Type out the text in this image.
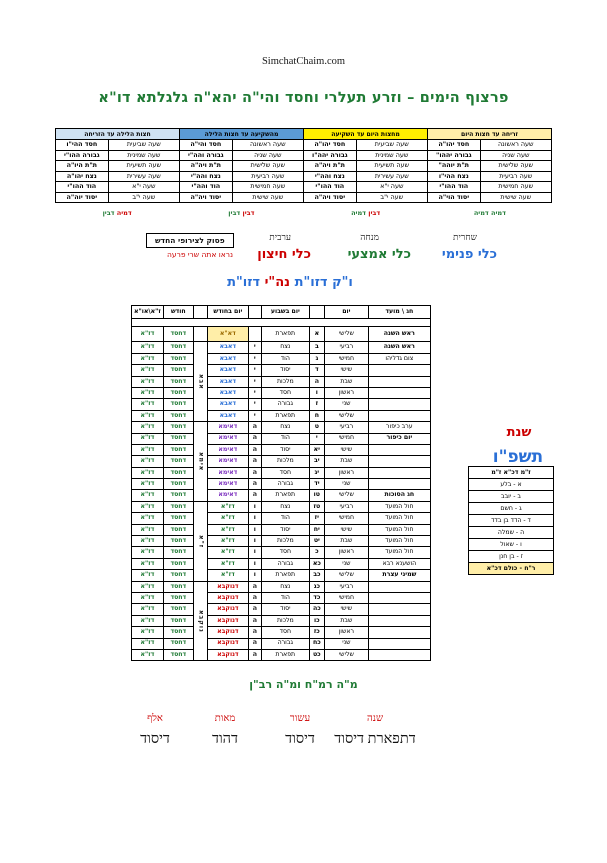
SimchatChaim.com
פרצוף הימים – וזרע תעלרי וחסד והי"ה יהא"ה גלגלתא דו"א
זריחה עד חצות היום		מחצות היום עד השקיעה		מהשקיעה עד חצות הלילה		חצות הלילה עד הזריחה	
שעה ראשונה	חסד יהו"ה	שעה שביעית	חסד יהו"ה	שעה ראשונה	חסד והי"ה	שעה שביעית	חסד ההי"ו
שעה שניה	גבורה יההו"	שעה שמינית	גבורה יהה"ו	שעה שניה	גבורה והה"י	שעה שמינית	גבורה ההו"י
שעה שלישית	ת"ת יוהה"	שעה תשיעית	ת"ת ויה"ה	שעה שלישית	ת"ת ויה"ה	שעה תשיעית	ת"ת היו"ה
שעה רביעית	נצח ההי"ו	שעה עשירית	נצח והה"י	שעה רביעית	נצח והה"י	שעה עשירית	נצח יהו"ה
שעה חמישית	הוד ההו"י	שעה י"א	הוד ההו"י	שעה חמישית	הוד והה"י	שעה י"א	הוד ההו"י
שעה שישית	יסוד הוי"ה	שעה י"ב	יסוד ויה"ה	שעה שישית	יסוד ויה"ה	שעה י"ב	יסוד יוה"ה
דמיה דמיה
דבין דמיה
דבין דבין
דמיה דבין
שחרית
מנחה
ערבית
כלי פנימי
כלי אמצעי
כלי חיצון
פסוק לצירופי החדש
נראו אתה שרי פרעה
ו"ק דזו"ת נה"י דזו"ת
חג \ מועד	יום		יום בשבוע		יום בחודש		חודש	ז"א\או"א

ראש השנה	שלישי	א	תפארת		דא"א		דחסד	דז"א
ראש השנה	רביעי	ב	נצח	י	דאבא	אבא	דחסד	דז"א
צום גדליהו	חמישי	ג	הוד	י	דאבא		דחסד	דז"א
	שישי	ד	יסוד	י	דאבא		דחסד	דז"א
	שבת	ה	מלכות	י	דאבא		דחסד	דז"א
	ראשון	ו	חסד	י	דאבא		דחסד	דז"א
	שני	ז	גבורה	י	דאבא		דחסד	דז"א
	שלישי	ח	תפארת	י	דאבא		דחסד	דז"א
ערב כיפור	רביעי	ט	נצח	ה	דאימא	אימא	דחסד	דז"א
יום כיפור	חמישי	י	הוד	ה	דאימא		דחסד	דז"א
	שישי	יא	יסוד	ה	דאימא		דחסד	דז"א
	שבת	יב	מלכות	ה	דאימא		דחסד	דז"א
	ראשון	יג	חסד	ה	דאימא		דחסד	דז"א
	שני	יד	גבורה	ה	דאימא		דחסד	דז"א
חג הסוכות	שלישי	טו	תפארת	ה	דאימא		דחסד	דז"א
חול המועד	רביעי	טז	נצח	ו	דז"א	ז"א	דחסד	דז"א
חול המועד	חמישי	יז	הוד	ו	דז"א		דחסד	דז"א
חול המועד	שישי	יח	יסוד	ו	דז"א		דחסד	דז"א
חול המועד	שבת	יט	מלכות	ו	דז"א		דחסד	דז"א
חול המועד	ראשון	כ	חסד	ו	דז"א		דחסד	דז"א
הושענא רבא	שני	כא	גבורה	ו	דז"א		דחסד	דז"א
שמיני עצרת	שלישי	כב	תפארת	ו	דז"א		דחסד	דז"א
	רביעי	כג	נצח	ה	דנוקבא	נוקבא	דחסד	דז"א
	חמישי	כד	הוד	ה	דנוקבא		דחסד	דז"א
	שישי	כה	יסוד	ה	דנוקבא		דחסד	דז"א
	שבת	כו	מלכות	ה	דנוקבא		דחסד	דז"א
	ראשון	כז	חסד	ה	דנוקבא		דחסד	דז"א
	שני	כח	גבורה	ה	דנוקבא		דחסד	דז"א
	שלישי	כט	תפארת	ה	דנוקבא		דחסד	דז"א
שנת
תשפ"ו
ז"מ דכ"א ז"מ
א - בלע
ב - יובב
ג - חשם
ד - הדד בן בדד
ה - שמלה
ו - שאול
ז - בן חנן
ר"ח - כולם דכ"א
מ"ה רמ"ח ומ"ה רב"ן
שנה
דתפארת דיסוד
עשור
דיסוד
מאות
דהוד
אלף
דיסוד
